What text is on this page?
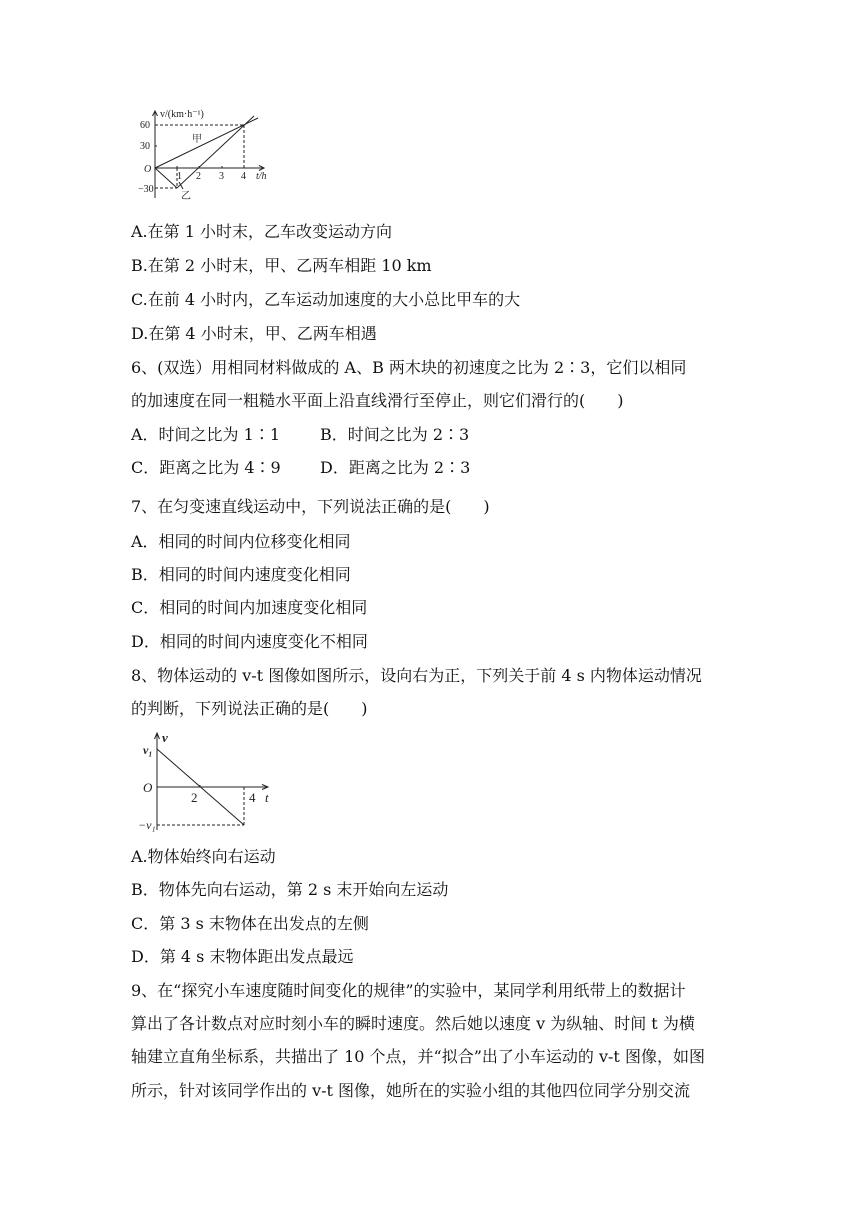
v/(km·h⁻¹)
60
30
−30
O
1 2 3 4 t/h
甲
乙
A.在第 1 小时末，乙车改变运动方向
B.在第 2 小时末，甲、乙两车相距 10 km
C.在前 4 小时内，乙车运动加速度的大小总比甲车的大
D.在第 4 小时末，甲、乙两车相遇
6、(双选）用相同材料做成的 A、B 两木块的初速度之比为 2∶3，它们以相同
的加速度在同一粗糙水平面上沿直线滑行至停止，则它们滑行的(　　)
A．时间之比为 1∶1 B．时间之比为 2∶3
C．距离之比为 4∶9 D．距离之比为 2∶3
7、在匀变速直线运动中，下列说法正确的是(　　)
A．相同的时间内位移变化相同
B．相同的时间内速度变化相同
C．相同的时间内加速度变化相同
D．相同的时间内速度变化不相同
8、物体运动的 v-t 图像如图所示，设向右为正，下列关于前 4 s 内物体运动情况
的判断，下列说法正确的是(　　)
v
v₁
O
2	4 t
−v₁
A.物体始终向右运动
B．物体先向右运动，第 2 s 末开始向左运动
C．第 3 s 末物体在出发点的左侧
D．第 4 s 末物体距出发点最远
9、在“探究小车速度随时间变化的规律”的实验中，某同学利用纸带上的数据计
算出了各计数点对应时刻小车的瞬时速度。然后她以速度 v 为纵轴、时间 t 为横
轴建立直角坐标系，共描出了 10 个点，并“拟合”出了小车运动的 v-t 图像，如图
所示，针对该同学作出的 v-t 图像，她所在的实验小组的其他四位同学分别交流
